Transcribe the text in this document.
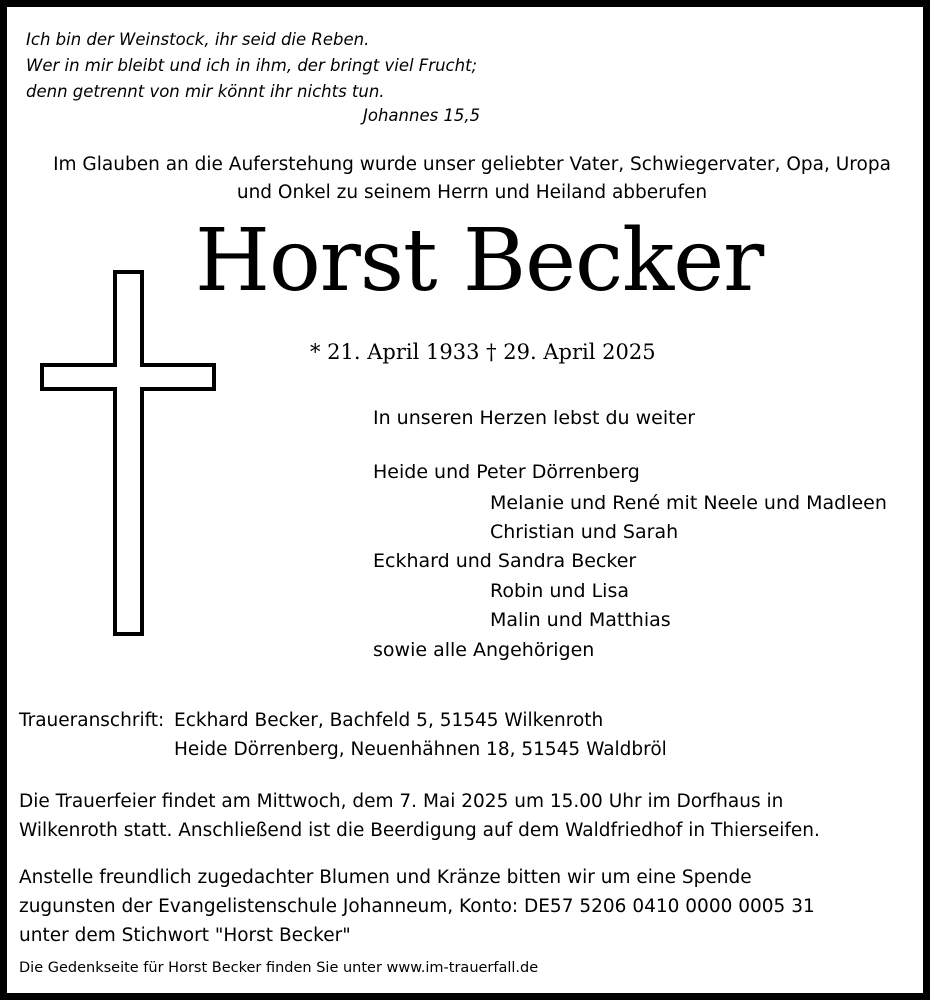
Ich bin der Weinstock, ihr seid die Reben.
Wer in mir bleibt und ich in ihm, der bringt viel Frucht;
denn getrennt von mir könnt ihr nichts tun.
Johannes 15,5
Im Glauben an die Auferstehung wurde unser geliebter Vater, Schwiegervater, Opa, Uropa
und Onkel zu seinem Herrn und Heiland abberufen
Horst Becker
* 21. April 1933 † 29. April 2025
In unseren Herzen lebst du weiter
Heide und Peter Dörrenberg
Melanie und René mit Neele und Madleen
Christian und Sarah
Eckhard und Sandra Becker
Robin und Lisa
Malin und Matthias
sowie alle Angehörigen
Traueranschrift: Eckhard Becker, Bachfeld 5, 51545 Wilkenroth
Heide Dörrenberg, Neuenhähnen 18, 51545 Waldbröl
Die Trauerfeier findet am Mittwoch, dem 7. Mai 2025 um 15.00 Uhr im Dorfhaus in
Wilkenroth statt. Anschließend ist die Beerdigung auf dem Waldfriedhof in Thierseifen.
Anstelle freundlich zugedachter Blumen und Kränze bitten wir um eine Spende
zugunsten der Evangelistenschule Johanneum, Konto: DE57 5206 0410 0000 0005 31
unter dem Stichwort "Horst Becker"
Die Gedenkseite für Horst Becker finden Sie unter www.im-trauerfall.de
